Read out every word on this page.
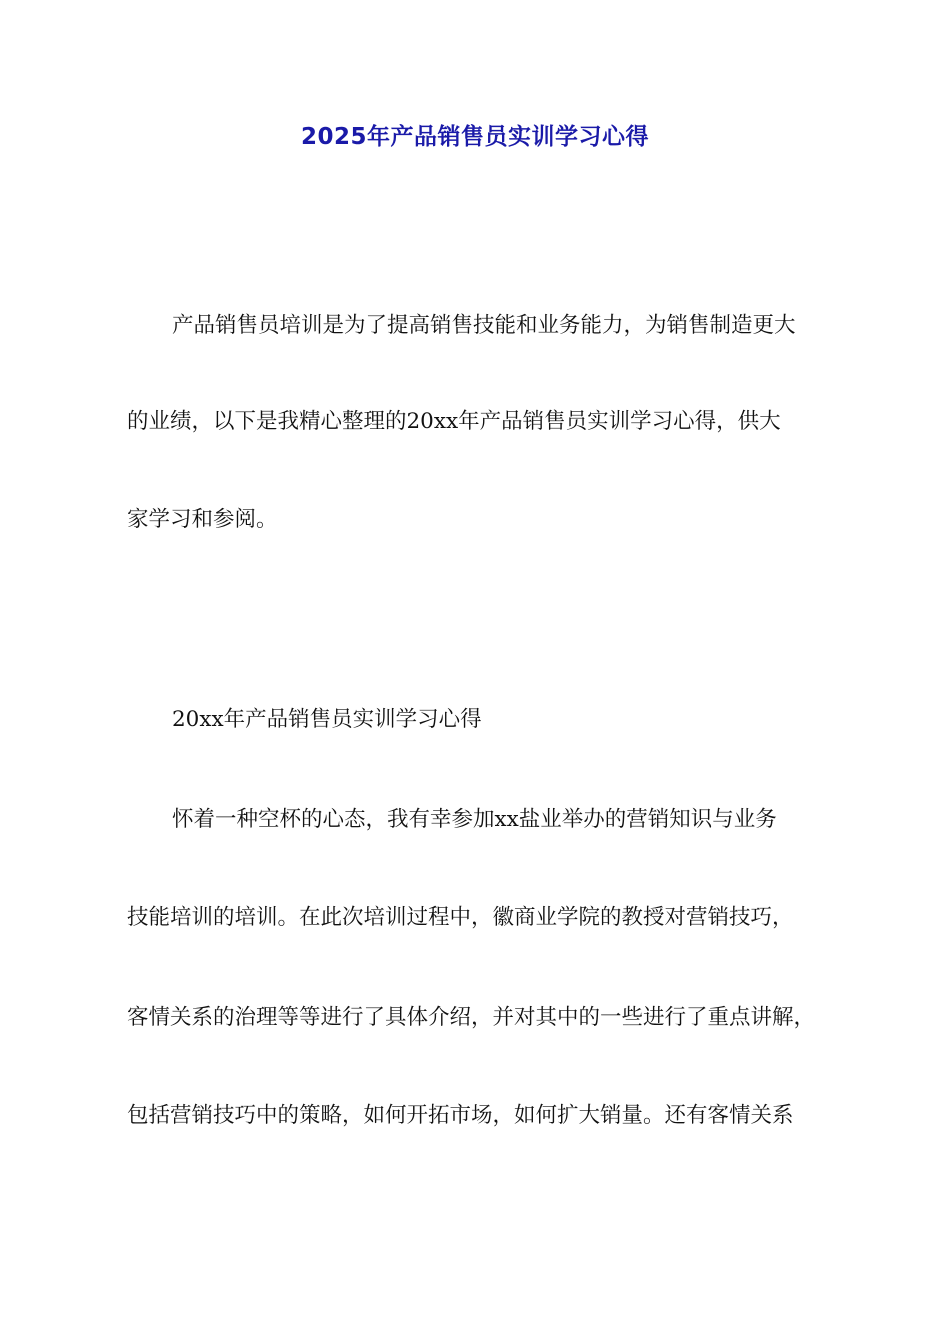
2025年产品销售员实训学习心得
产品销售员培训是为了提高销售技能和业务能力，为销售制造更大
的业绩，以下是我精心整理的20xx年产品销售员实训学习心得，供大
家学习和参阅。
20xx年产品销售员实训学习心得
怀着一种空杯的心态，我有幸参加xx盐业举办的营销知识与业务
技能培训的培训。在此次培训过程中，徽商业学院的教授对营销技巧，
客情关系的治理等等进行了具体介绍，并对其中的一些进行了重点讲解，
包括营销技巧中的策略，如何开拓市场，如何扩大销量。还有客情关系
